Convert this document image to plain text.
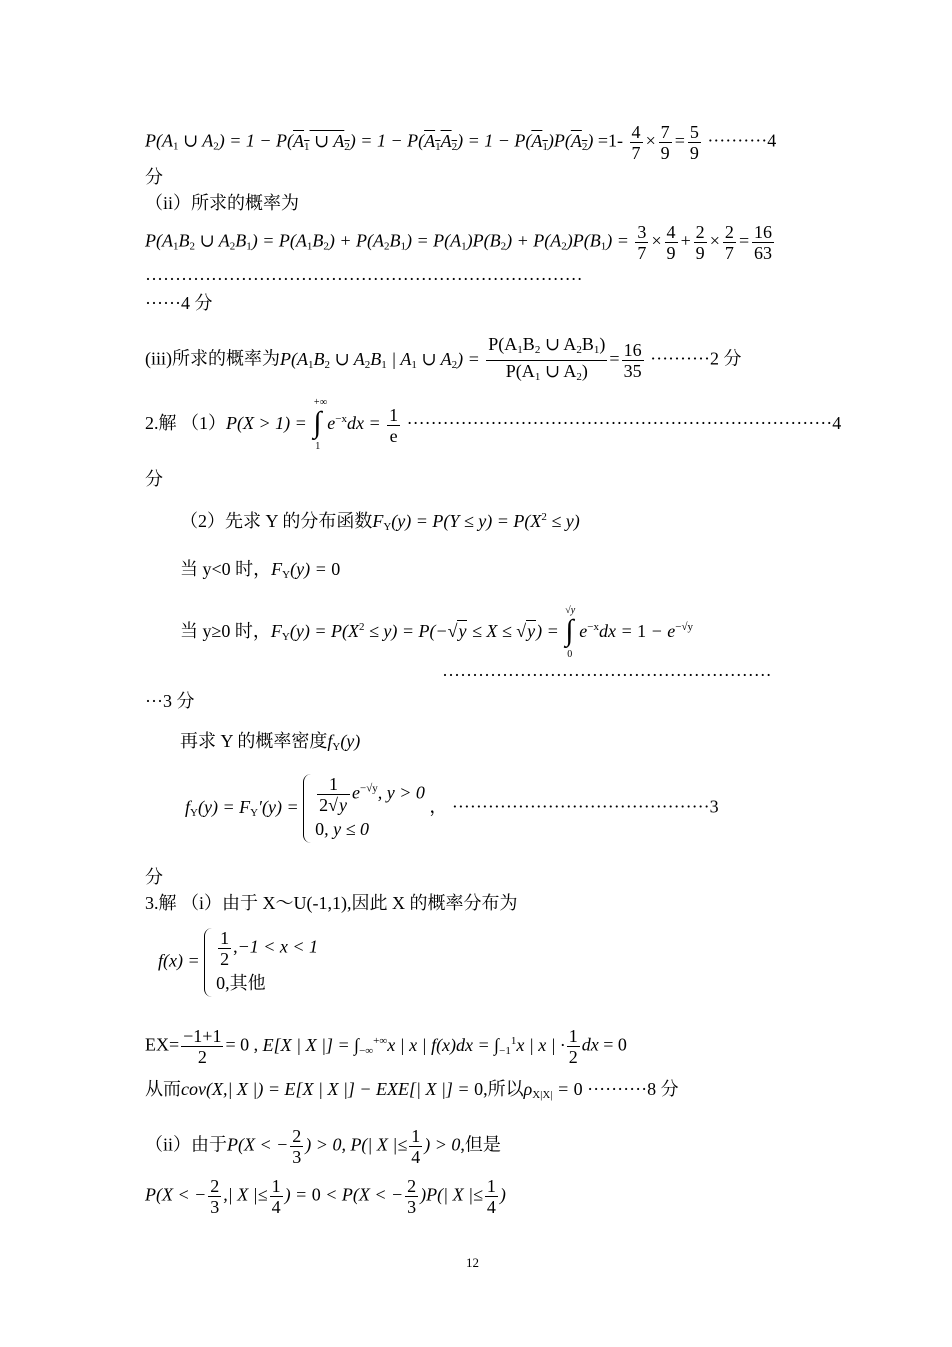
$P(A_1$ ∪ $A_2) = 1 - P(A_1$ ∪ $A_2) = 1 - P(A_1A_2) = 1 - P(A_1)P(A_2) =1- \frac{4}{7} \times \frac{7}{9} = \frac{5}{9} \cdot\cdot\cdot\cdot\cdot\cdot\cdot\cdot\cdot\cdot 4$
分
（ii）所求的概率为
$P(A_1B_2$ ∪ $A_2B_1) = P(A_1B_2) + P(A_2B_1) = P(A_1)P(B_2) + P(A_2)P(B_1) = \frac{3}{7} \times \frac{4}{9} + \frac{2}{9} \times \frac{2}{7} = \frac{16}{63}$
·········································································
······4 分
(iii)所求的概率为$P(A_1B_2$ ∪ $A_2B_1$ | $A_1$ ∪ $A_2) = \frac{P(A_1B_2 \cup A_2B_1)}{P(A_1 \cup A_2)} = \frac{16}{35} \cdot\cdot\cdot\cdot\cdot\cdot\cdot\cdot\cdot\cdot 2$ 分
2.解 （1）P(X > 1) =
+∞
∫
1
$e^{-x}dx = \frac{1}{e} \cdot\cdot\cdot\cdot\cdot\cdot\cdot\cdot\cdot\cdot\cdot\cdot\cdot\cdot\cdot\cdot\cdot\cdot\cdot\cdot\cdot\cdot\cdot\cdot\cdot\cdot\cdot\cdot\cdot\cdot\cdot\cdot\cdot\cdot\cdot\cdot\cdot\cdot\cdot\cdot\cdot\cdot\cdot\cdot\cdot\cdot\cdot\cdot\cdot\cdot\cdot\cdot\cdot\cdot\cdot\cdot\cdot\cdot\cdot\cdot\cdot\cdot\cdot\cdot\cdot\cdot\cdot\cdot\cdot\cdot\cdot 4$
分
（2）先求 Y 的分布函数$F_Y(y) = P(Y \le y) = P(X^2 \le y)$
当 y<0 时，$F_Y(y) = 0$
当 y≥0 时，$F_Y(y) = P(X^2 \le y) = P(-√y \le X \le √y)$ =
√y
∫
0
$e^{-x}dx = 1 - e^{-√y}$
·······················································
···3 分
再求 Y 的概率密度$f_Y(y)$
$f_Y(y) = F_Y'(y) = \frac{1}{2√y} e^{-√y}$, y > 0
0, y ≤ 0
， ···········································3
分
3.解 （i）由于 X～U(-1,1),因此 X 的概率分布为
$f(x) = \frac{1}{2} ,-1 < x < 1$
0,其他
$EX= \frac{-1+1}{2} = 0$ , E[X | X |] = $\int_{-\infty}^{+\infty}x$ | x | $f(x)dx = \int_{-1}^1x$ | x | · $\frac{1}{2}$ dx = 0
从而cov(X,| X |) = E[X | X |] − EXE[| X |] = 0,所以$\rho_{X|X|} = 0 \cdot\cdot\cdot\cdot\cdot\cdot\cdot\cdot\cdot\cdot 8$ 分
（ii）由于P(X < − $\frac{2}{3}$ ) > 0, P(| X |≤ $\frac{1}{4}$ ) > 0,但是
P(X < − $\frac{2}{3}$ ,| X |≤ $\frac{1}{4}$ ) = 0 < P(X < − $\frac{2}{3} )P(|$ X |≤ $\frac{1}{4}$ )
12
